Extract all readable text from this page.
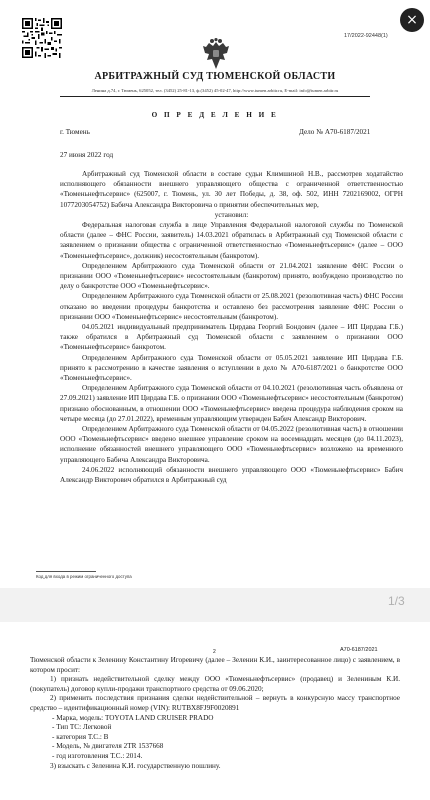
17/2022-92448(1)
×
АРБИТРАЖНЫЙ СУД ТЮМЕНСКОЙ ОБЛАСТИ
Ленина д.74, г. Тюмень, 625052, тел. (3452) 25-81-13, ф.(3452) 45-02-47, http://www.tumen.arbitr.ru, E-mail: info@tumen.arbitr.ru
О П Р Е Д Е Л Е Н И Е
г. Тюмень	Дело № А70-6187/2021
27 июня 2022 год

Арбитражный суд Тюменской области в составе судьи Климшиной Н.В., рассмотрев ходатайство исполняющего обязанности внешнего управляющего общества с ограниченной ответственностью «Тюменьнефтьсервис» (625007, г. Тюмень, ул. 30 лет Победы, д. 38, оф. 502, ИНН 7202169002, ОГРН 1077203054752) Бабича Александра Викторовича о принятии обеспечительных мер,

установил:

Федеральная налоговая служба в лице Управления Федеральной налоговой службы по Тюменской области (далее – ФНС России, заявитель) 14.03.2021 обратилась в Арбитражный суд Тюменской области с заявлением о признании общества с ограниченной ответственностью «Тюменьнефтьсервис» (далее – ООО «Тюменьнефтьсервис», должник) несостоятельным (банкротом).

Определением Арбитражного суда Тюменской области от 21.04.2021 заявление ФНС России о признании ООО «Тюменьнефтьсервис» несостоятельным (банкротом) принято, возбуждено производство по делу о банкротстве ООО «Тюменьнефтьсервис».

Определением Арбитражного суда Тюменской области от 25.08.2021 (резолютивная часть) ФНС России отказано во введении процедуры банкротства и оставлено без рассмотрения заявление ФНС России о признании ООО «Тюменьнефтьсервис» несостоятельным (банкротом).

04.05.2021 индивидуальный предприниматель Цирдава Георгий Бондович (далее – ИП Цирдава Г.Б.) также обратился в Арбитражный суд Тюменской области с заявлением о признании ООО «Тюменьнефтьсервис» банкротом.

Определением Арбитражного суда Тюменской области от 05.05.2021 заявление ИП Цирдава Г.Б. принято к рассмотрению в качестве заявления о вступлении в дело № А70-6187/2021 о банкротстве ООО «Тюменьнефтьсервис».

Определением Арбитражного суда Тюменской области от 04.10.2021 (резолютивная часть объявлена от 27.09.2021) заявление ИП Цирдава Г.Б. о признании ООО «Тюменьнефтьсервис» несостоятельным (банкротом) признано обоснованным, в отношении ООО «Тюменьнефтьсервис» введена процедура наблюдения сроком на четыре месяца (до 27.01.2022), временным управляющим утвержден Бабич Александр Викторович.

Определением Арбитражного суда Тюменской области от 04.05.2022 (резолютивная часть) в отношении ООО «Тюменьнефтьсервис» введено внешнее управление сроком на восемнадцать месяцев (до 04.11.2023), исполнение обязанностей внешнего управляющего ООО «Тюменьнефтьсервис» возложено на временного управляющего Бабича Александра Викторовича.

24.06.2022 исполняющий обязанности внешнего управляющего ООО «Тюменьнефтьсервис» Бабич Александр Викторович обратился в Арбитражный суд

Код для входа в режим ограниченного доступа
1/3
2	А70-6187/2021

Тюменской области к Зеленину Константину Игоревичу (далее – Зеленин К.И., заинтересованное лицо) с заявлением, в котором просит:

1) признать недействительной сделку между ООО «Тюменьнефтьсервис» (продавец) и Зелениным К.И. (покупатель) договор купли-продажи транспортного средства от 09.06.2020;

2) применить последствия признания сделки недействительной – вернуть в конкурсную массу транспортное средство – идентификационный номер (VIN): RUTBX8FJ9F0020891

- Марка, модель: TOYOTA LAND CRUISER PRADO

- Тип ТС: Легковой

- категория Т.С.: В

- Модель, № двигателя 2TR 1537668

- год изготовления Т.С.: 2014.

3) взыскать с Зеленина К.И. государственную пошлину.
